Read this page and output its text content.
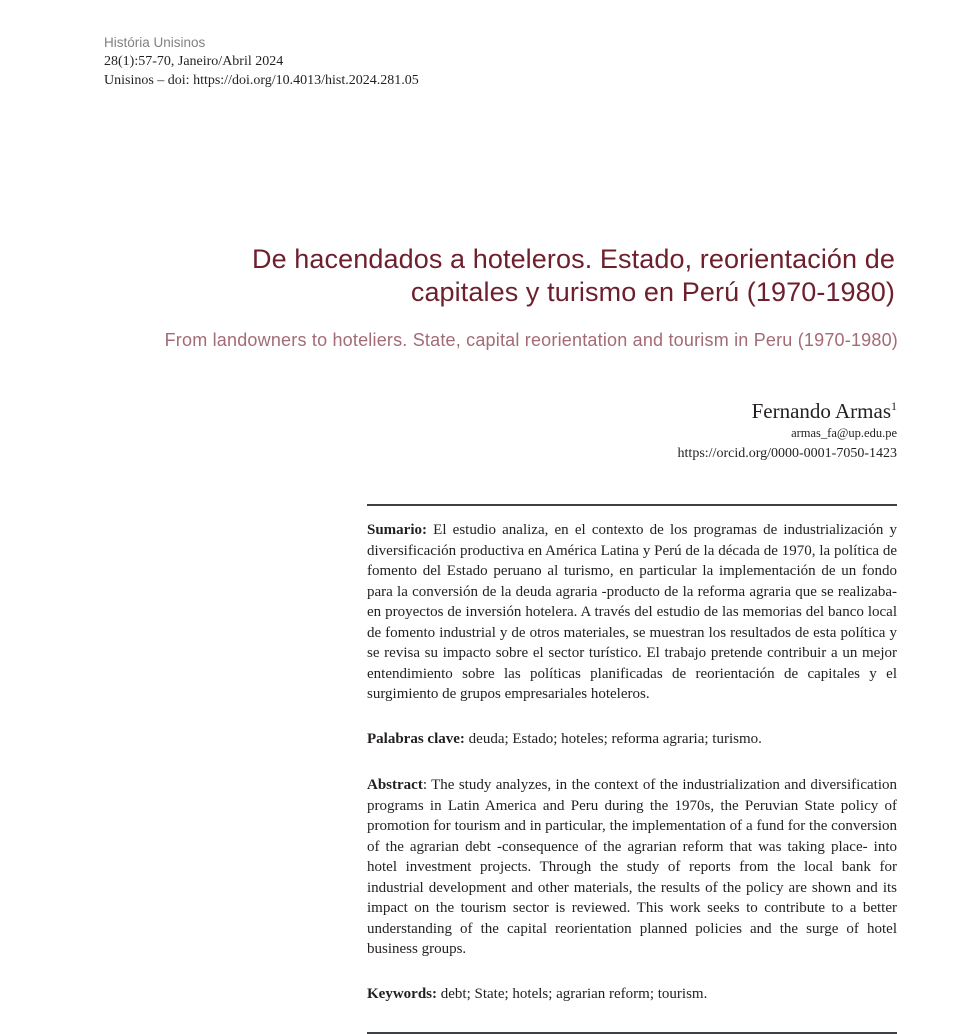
História Unisinos
28(1):57-70, Janeiro/Abril 2024
Unisinos – doi: https://doi.org/10.4013/hist.2024.281.05
De hacendados a hoteleros. Estado, reorientación de
capitales y turismo en Perú (1970-1980)
From landowners to hoteliers. State, capital reorientation and tourism in Peru (1970-1980)
Fernando Armas$^1$
armas_fa@up.edu.pe
https://orcid.org/0000-0001-7050-1423

Sumario: El estudio analiza, en el contexto de los programas de industrialización y diversificación productiva en América Latina y Perú de la década de 1970, la política de fomento del Estado peruano al turismo, en particular la implementación de un fondo para la conversión de la deuda agraria -producto de la reforma agraria que se realizaba- en proyectos de inversión hotelera. A través del estudio de las memorias del banco local de fomento industrial y de otros materiales, se muestran los resultados de esta política y se revisa su impacto sobre el sector turístico. El trabajo pretende contribuir a un mejor entendimiento sobre las políticas planificadas de reorientación de capitales y el surgimiento de grupos empresariales hoteleros.

Palabras clave: deuda; Estado; hoteles; reforma agraria; turismo.

Abstract: The study analyzes, in the context of the industrialization and diversification programs in Latin America and Peru during the 1970s, the Peruvian State policy of promotion for tourism and in particular, the implementation of a fund for the conversion of the agrarian debt -consequence of the agrarian reform that was taking place- into hotel investment projects. Through the study of reports from the local bank for industrial development and other materials, the results of the policy are shown and its impact on the tourism sector is reviewed. This work seeks to contribute to a better understanding of the capital reorientation planned policies and the surge of hotel business groups.

Keywords: debt; State; hotels; agrarian reform; tourism.
